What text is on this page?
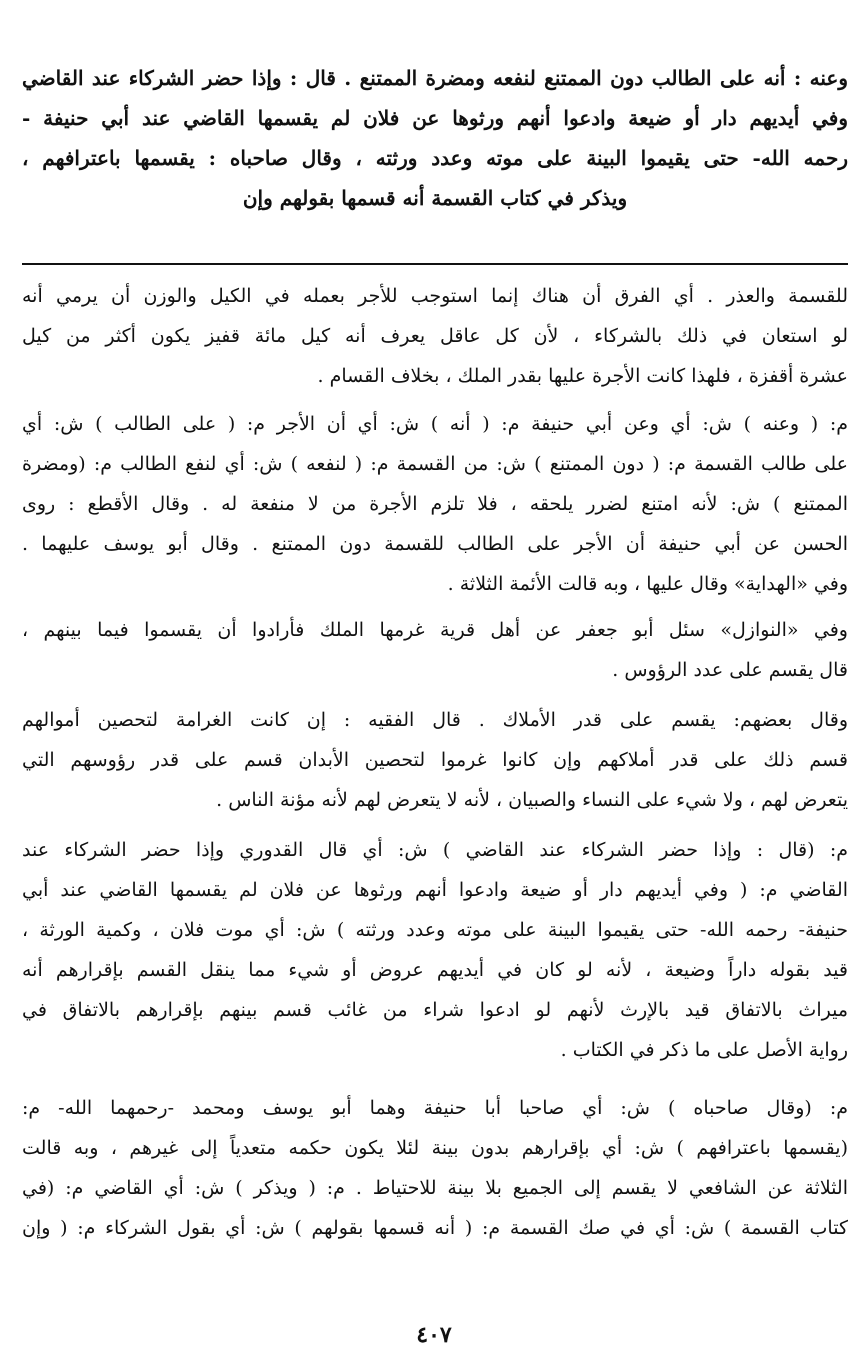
وعنه : أنه على الطالب دون الممتنع لنفعه ومضرة الممتنع . قال : وإذا حضر الشركاء عند القاضي
وفي أيديهم دار أو ضيعة وادعوا أنهم ورثوها عن فلان لم يقسمها القاضي عند أبي حنيفة -
رحمه الله- حتى يقيموا البينة على موته وعدد ورثته ، وقال صاحباه : يقسمها باعترافهم ،
ويذكر في كتاب القسمة أنه قسمها بقولهم وإن
للقسمة والعذر . أي الفرق أن هناك إنما استوجب للأجر بعمله في الكيل والوزن أن يرمي أنه
لو استعان في ذلك بالشركاء ، لأن كل عاقل يعرف أنه كيل مائة قفيز يكون أكثر من كيل
عشرة أقفزة ، فلهذا كانت الأجرة عليها بقدر الملك ، بخلاف القسام .
م: ( وعنه ) ش: أي وعن أبي حنيفة م: ( أنه ) ش: أي أن الأجر م: ( على الطالب ) ش: أي
على طالب القسمة م: ( دون الممتنع ) ش: من القسمة م: ( لنفعه ) ش: أي لنفع الطالب م: (ومضرة
الممتنع ) ش: لأنه امتنع لضرر يلحقه ، فلا تلزم الأجرة من لا منفعة له . وقال الأقطع : روى
الحسن عن أبي حنيفة أن الأجر على الطالب للقسمة دون الممتنع . وقال أبو يوسف عليهما .
وفي «الهداية» وقال عليها ، وبه قالت الأئمة الثلاثة .
وفي «النوازل» سئل أبو جعفر عن أهل قرية غرمها الملك فأرادوا أن يقسموا فيما بينهم ،
قال يقسم على عدد الرؤوس .
وقال بعضهم: يقسم على قدر الأملاك . قال الفقيه : إن كانت الغرامة لتحصين أموالهم
قسم ذلك على قدر أملاكهم وإن كانوا غرموا لتحصين الأبدان قسم على قدر رؤوسهم التي
يتعرض لهم ، ولا شيء على النساء والصبيان ، لأنه لا يتعرض لهم لأنه مؤنة الناس .
م: (قال : وإذا حضر الشركاء عند القاضي ) ش: أي قال القدوري وإذا حضر الشركاء عند
القاضي م: ( وفي أيديهم دار أو ضيعة وادعوا أنهم ورثوها عن فلان لم يقسمها القاضي عند أبي
حنيفة- رحمه الله- حتى يقيموا البينة على موته وعدد ورثته ) ش: أي موت فلان ، وكمية الورثة ،
قيد بقوله داراً وضيعة ، لأنه لو كان في أيديهم عروض أو شيء مما ينقل القسم بإقرارهم أنه
ميراث بالاتفاق قيد بالإرث لأنهم لو ادعوا شراء من غائب قسم بينهم بإقرارهم بالاتفاق في
رواية الأصل على ما ذكر في الكتاب .
م: (وقال صاحباه ) ش: أي صاحبا أبا حنيفة وهما أبو يوسف ومحمد -رحمهما الله- م:
(يقسمها باعترافهم ) ش: أي بإقرارهم بدون بينة لئلا يكون حكمه متعدياً إلى غيرهم ، وبه قالت
الثلاثة عن الشافعي لا يقسم إلى الجميع بلا بينة للاحتياط . م: ( ويذكر ) ش: أي القاضي م: (في
كتاب القسمة ) ش: أي في صك القسمة م: ( أنه قسمها بقولهم ) ش: أي بقول الشركاء م: ( وإن
٤٠٧
